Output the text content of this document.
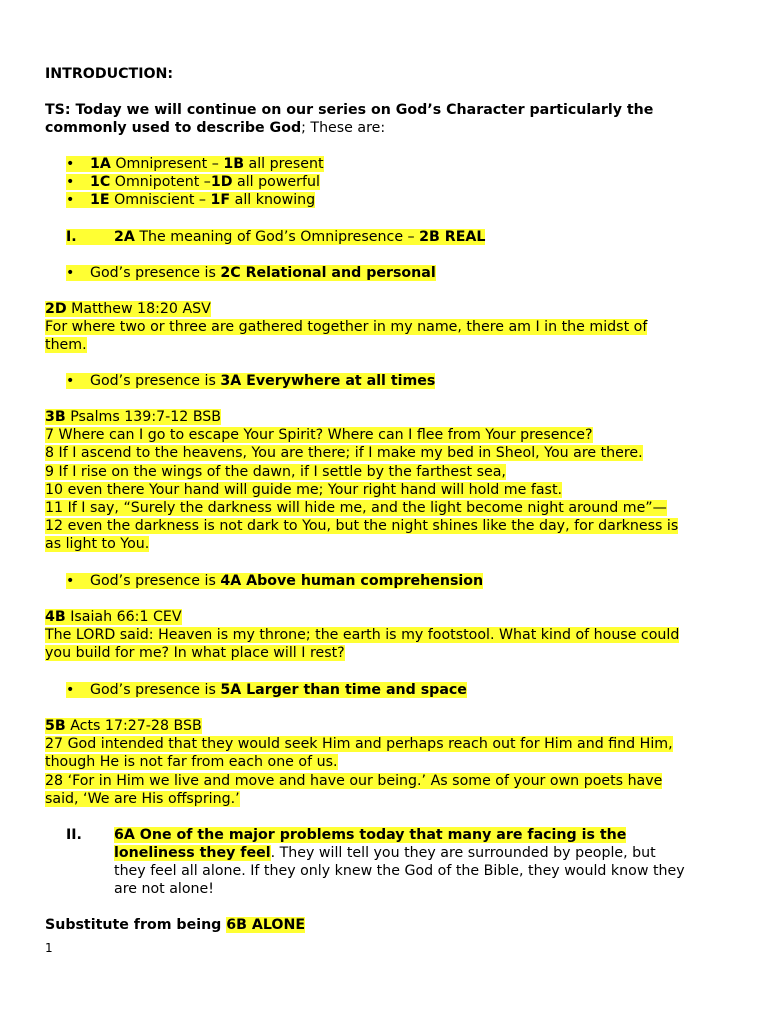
INTRODUCTION:

TS: Today we will continue on our series on God’s Character particularly the
commonly used to describe God; These are:
• 1A Omnipresent – 1B all present
• 1C Omnipotent –1D all powerful
• 1E Omniscient – 1F all knowing
I.	2A The meaning of God’s Omnipresence – 2B REAL
• God’s presence is 2C Relational and personal
2D Matthew 18:20 ASV
For where two or three are gathered together in my name, there am I in the midst of
them.
• God’s presence is 3A Everywhere at all times
3B Psalms 139:7-12 BSB
7 Where can I go to escape Your Spirit? Where can I flee from Your presence?
8 If I ascend to the heavens, You are there; if I make my bed in Sheol, You are there.
9 If I rise on the wings of the dawn, if I settle by the farthest sea,
10 even there Your hand will guide me; Your right hand will hold me fast.
11 If I say, “Surely the darkness will hide me, and the light become night around me”—
12 even the darkness is not dark to You, but the night shines like the day, for darkness is
as light to You.
• God’s presence is 4A Above human comprehension
4B Isaiah 66:1 CEV
The LORD said: Heaven is my throne; the earth is my footstool. What kind of house could
you build for me? In what place will I rest?
• God’s presence is 5A Larger than time and space
5B Acts 17:27-28 BSB
27 God intended that they would seek Him and perhaps reach out for Him and find Him,
though He is not far from each one of us.
28 ‘For in Him we live and move and have our being.’ As some of your own poets have
said, ‘We are His offspring.’
II. 6A One of the major problems today that many are facing is the
loneliness they feel. They will tell you they are surrounded by people, but
they feel all alone. If they only knew the God of the Bible, they would know they
are not alone!
Substitute from being 6B ALONE
1
